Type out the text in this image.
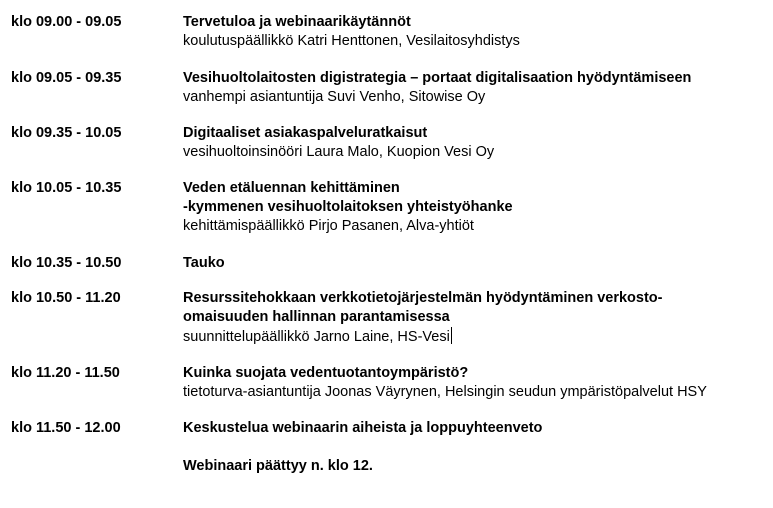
klo 09.00 - 09.05	Tervetuloa ja webinaarikäytännöt
koulutuspäällikkö Katri Henttonen, Vesilaitosyhdistys
klo 09.05 - 09.35	Vesihuoltolaitosten digistrategia – portaat digitalisaation hyödyntämiseen
vanhempi asiantuntija Suvi Venho, Sitowise Oy
klo 09.35 - 10.05	Digitaaliset asiakaspalveluratkaisut
vesihuoltoinsinööri Laura Malo, Kuopion Vesi Oy
klo 10.05 - 10.35	Veden etäluennan kehittäminen
-kymmenen vesihuoltolaitoksen yhteistyöhanke
kehittämispäällikkö Pirjo Pasanen, Alva-yhtiöt
klo 10.35 - 10.50	Tauko
klo 10.50 - 11.20	Resurssitehokkaan verkkotietojärjestelmän hyödyntäminen verkosto-
omaisuuden hallinnan parantamisessa
suunnittelupäällikkö Jarno Laine, HS-Vesi
klo 11.20 - 11.50	Kuinka suojata vedentuotantoympäristö?
tietoturva-asiantuntija Joonas Väyrynen, Helsingin seudun ympäristöpalvelut HSY
klo 11.50 - 12.00	Keskustelua webinaarin aiheista ja loppuyhteenveto
Webinaari päättyy n. klo 12.
